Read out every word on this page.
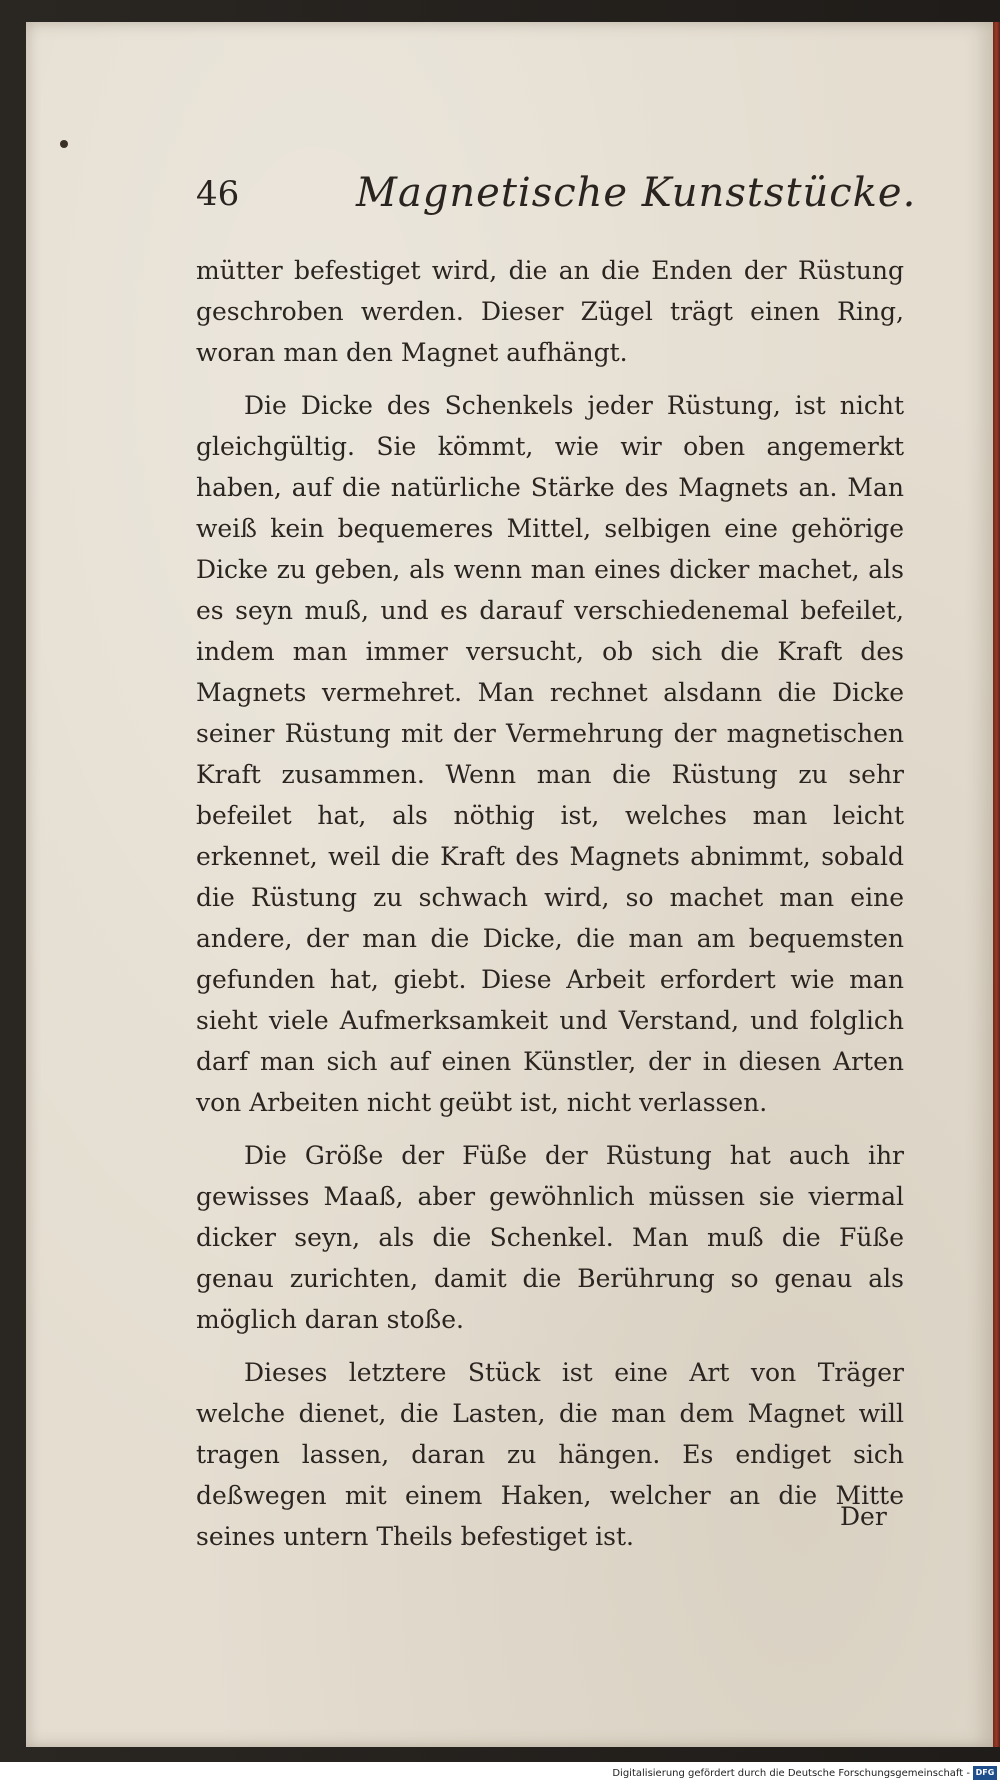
46	Magnetische Kunststücke.

mütter befestiget wird, die an die Enden der Rüstung geschroben werden. Dieser Zügel trägt einen Ring, woran man den Magnet aufhängt.

Die Dicke des Schenkels jeder Rüstung, ist nicht gleichgültig. Sie kömmt, wie wir oben angemerkt haben, auf die natürliche Stärke des Magnets an. Man weiß kein bequemeres Mittel, selbigen eine gehörige Dicke zu geben, als wenn man eines dicker machet, als es seyn muß, und es darauf verschiedenemal befeilet, indem man immer versucht, ob sich die Kraft des Magnets vermehret. Man rechnet alsdann die Dicke seiner Rüstung mit der Vermehrung der magnetischen Kraft zusammen. Wenn man die Rüstung zu sehr befeilet hat, als nöthig ist, welches man leicht erkennet, weil die Kraft des Magnets abnimmt, sobald die Rüstung zu schwach wird, so machet man eine andere, der man die Dicke, die man am bequemsten gefunden hat, giebt. Diese Arbeit erfordert wie man sieht viele Aufmerksamkeit und Verstand, und folglich darf man sich auf einen Künstler, der in diesen Arten von Arbeiten nicht geübt ist, nicht verlassen.

Die Größe der Füße der Rüstung hat auch ihr gewisses Maaß, aber gewöhnlich müssen sie viermal dicker seyn, als die Schenkel. Man muß die Füße genau zurichten, damit die Berührung so genau als möglich daran stoße.

Dieses letztere Stück ist eine Art von Träger welche dienet, die Lasten, die man dem Magnet will tragen lassen, daran zu hängen. Es endiget sich deßwegen mit einem Haken, welcher an die Mitte seines untern Theils befestiget ist.

Der
Digitalisierung gefördert durch die Deutsche Forschungsgemeinschaft - DFG
